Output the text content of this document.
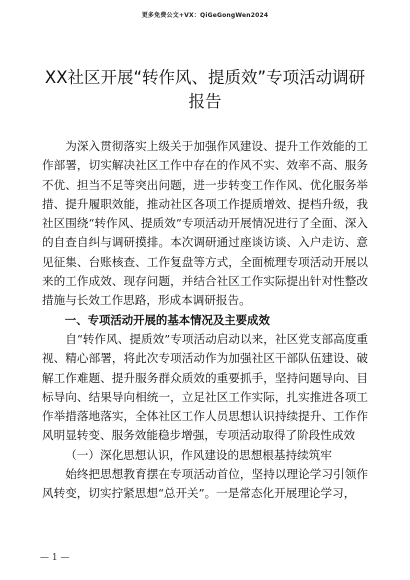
更多免费公文+VX：QiGeGongWen2024
XX社区开展“转作风、提质效”专项活动调研
报告

为深入贯彻落实上级关于加强作风建设、提升工作效能的工作部署，切实解决社区工作中存在的作风不实、效率不高、服务不优、担当不足等突出问题，进一步转变工作作风、优化服务举措、提升履职效能，推动社区各项工作提质增效、提档升级，我社区围绕“转作风、提质效”专项活动开展情况进行了全面、深入的自查自纠与调研摸排。本次调研通过座谈访谈、入户走访、意见征集、台账核查、工作复盘等方式，全面梳理专项活动开展以来的工作成效、现存问题，并结合社区工作实际提出针对性整改措施与长效工作思路，形成本调研报告。

一、专项活动开展的基本情况及主要成效

自“转作风、提质效”专项活动启动以来，社区党支部高度重视、精心部署，将此次专项活动作为加强社区干部队伍建设、破解工作难题、提升服务群众质效的重要抓手，坚持问题导向、目标导向、结果导向相统一，立足社区工作实际，扎实推进各项工作举措落地落实，全体社区工作人员思想认识持续提升、工作作风明显转变、服务效能稳步增强，专项活动取得了阶段性成效

（一）深化思想认识，作风建设的思想根基持续筑牢

始终把思想教育摆在专项活动首位，坚持以理论学习引领作风转变，切实拧紧思想“总开关”。一是常态化开展理论学习，

— 1 —
